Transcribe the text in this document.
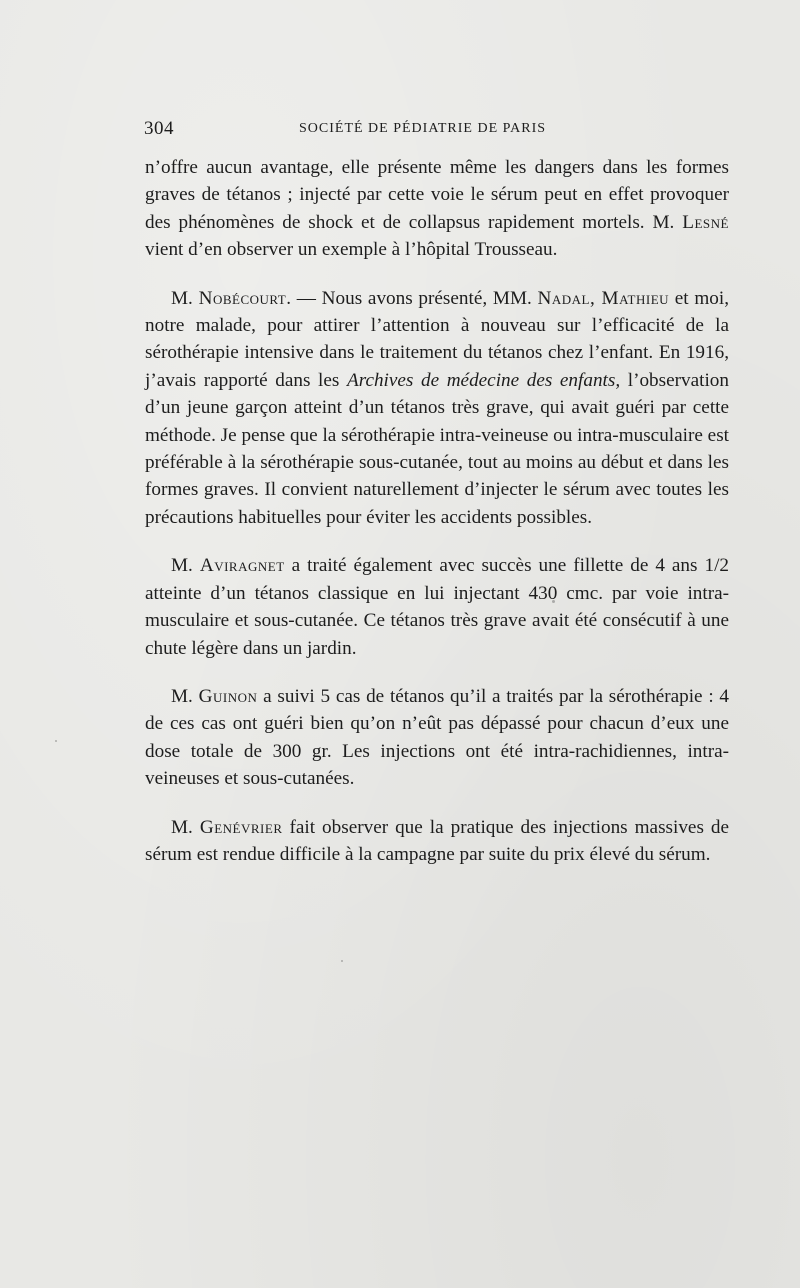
304	SOCIÉTÉ DE PÉDIATRIE DE PARIS

n’offre aucun avantage, elle présente même les dangers dans les formes graves de tétanos ; injecté par cette voie le sérum peut en effet provoquer des phénomènes de shock et de collapsus rapidement mortels. M. Lesné vient d’en observer un exemple à l’hôpital Trousseau.

M. Nobécourt. — Nous avons présenté, MM. Nadal, Mathieu et moi, notre malade, pour attirer l’attention à nouveau sur l’efficacité de la sérothérapie intensive dans le traitement du tétanos chez l’enfant. En 1916, j’avais rapporté dans les Archives de médecine des enfants, l’observation d’un jeune garçon atteint d’un tétanos très grave, qui avait guéri par cette méthode. Je pense que la sérothérapie intra-veineuse ou intra-musculaire est préférable à la sérothérapie sous-cutanée, tout au moins au début et dans les formes graves. Il convient naturellement d’injecter le sérum avec toutes les précautions habituelles pour éviter les accidents possibles.

M. Aviragnet a traité également avec succès une fillette de 4 ans 1/2 atteinte d’un tétanos classique en lui injectant 430 cmc. par voie intra-musculaire et sous-cutanée. Ce tétanos très grave avait été consécutif à une chute légère dans un jardin.

M. Guinon a suivi 5 cas de tétanos qu’il a traités par la sérothérapie : 4 de ces cas ont guéri bien qu’on n’eût pas dépassé pour chacun d’eux une dose totale de 300 gr. Les injections ont été intra-rachidiennes, intra-veineuses et sous-cutanées.

M. Genévrier fait observer que la pratique des injections massives de sérum est rendue difficile à la campagne par suite du prix élevé du sérum.
